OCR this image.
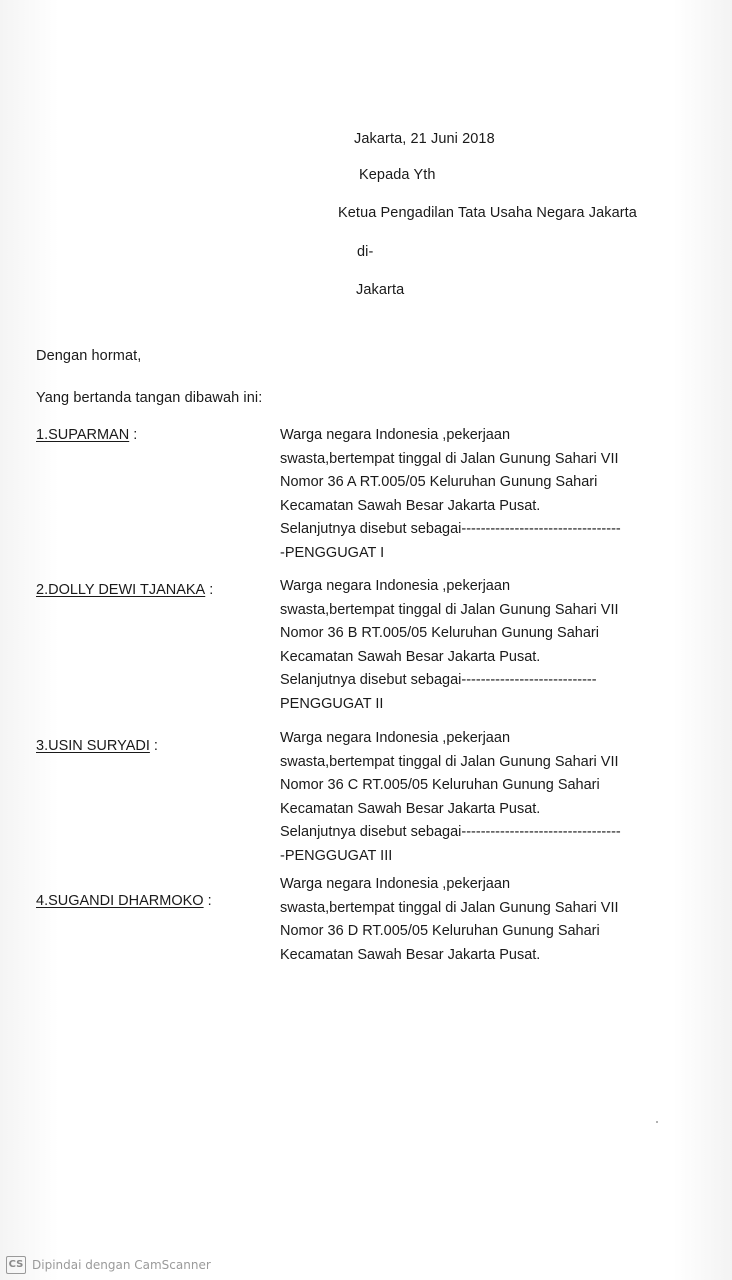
Jakarta, 21 Juni 2018
Kepada Yth
Ketua Pengadilan Tata Usaha Negara Jakarta
di-
Jakarta
Dengan hormat,
Yang bertanda tangan dibawah ini:
1.SUPARMAN:	Warga negara Indonesia ,pekerjaan
swasta,bertempat tinggal di Jalan Gunung Sahari VII
Nomor 36 A RT.005/05 Keluruhan Gunung Sahari
Kecamatan Sawah Besar Jakarta Pusat.
Selanjutnya disebut sebagai---------------------------------
-PENGGUGAT I
2.DOLLY DEWI TJANAKA :	Warga negara Indonesia ,pekerjaan
swasta,bertempat tinggal di Jalan Gunung Sahari VII
Nomor 36 B RT.005/05 Keluruhan Gunung Sahari
Kecamatan Sawah Besar Jakarta Pusat.
Selanjutnya disebut sebagai----------------------------
PENGGUGAT II
3.USIN SURYADI:	Warga negara Indonesia ,pekerjaan
swasta,bertempat tinggal di Jalan Gunung Sahari VII
Nomor 36 C RT.005/05 Keluruhan Gunung Sahari
Kecamatan Sawah Besar Jakarta Pusat.
Selanjutnya disebut sebagai---------------------------------
-PENGGUGAT III
4.SUGANDI DHARMOKO :
Warga negara Indonesia ,pekerjaan
swasta,bertempat tinggal di Jalan Gunung Sahari VII
Nomor 36 D RT.005/05 Keluruhan Gunung Sahari
Kecamatan Sawah Besar Jakarta Pusat.
CS Dipindai dengan CamScanner
